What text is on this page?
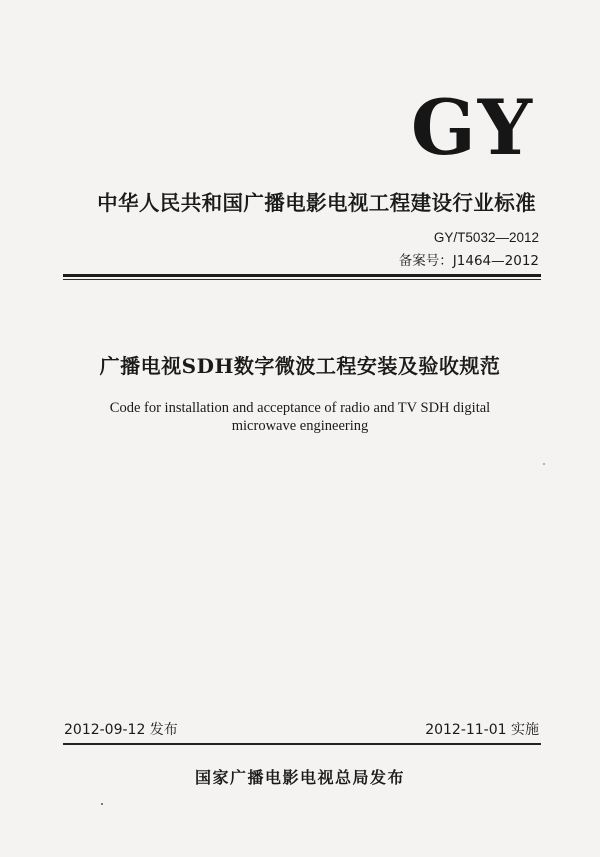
GY
中华人民共和国广播电影电视工程建设行业标准
GY/T5032—2012
备案号：J1464—2012
广播电视SDH数字微波工程安装及验收规范
Code for installation and acceptance of radio and TV SDH digital
microwave engineering
2012-09-12 发布	2012-11-01 实施
国家广播电影电视总局发布
